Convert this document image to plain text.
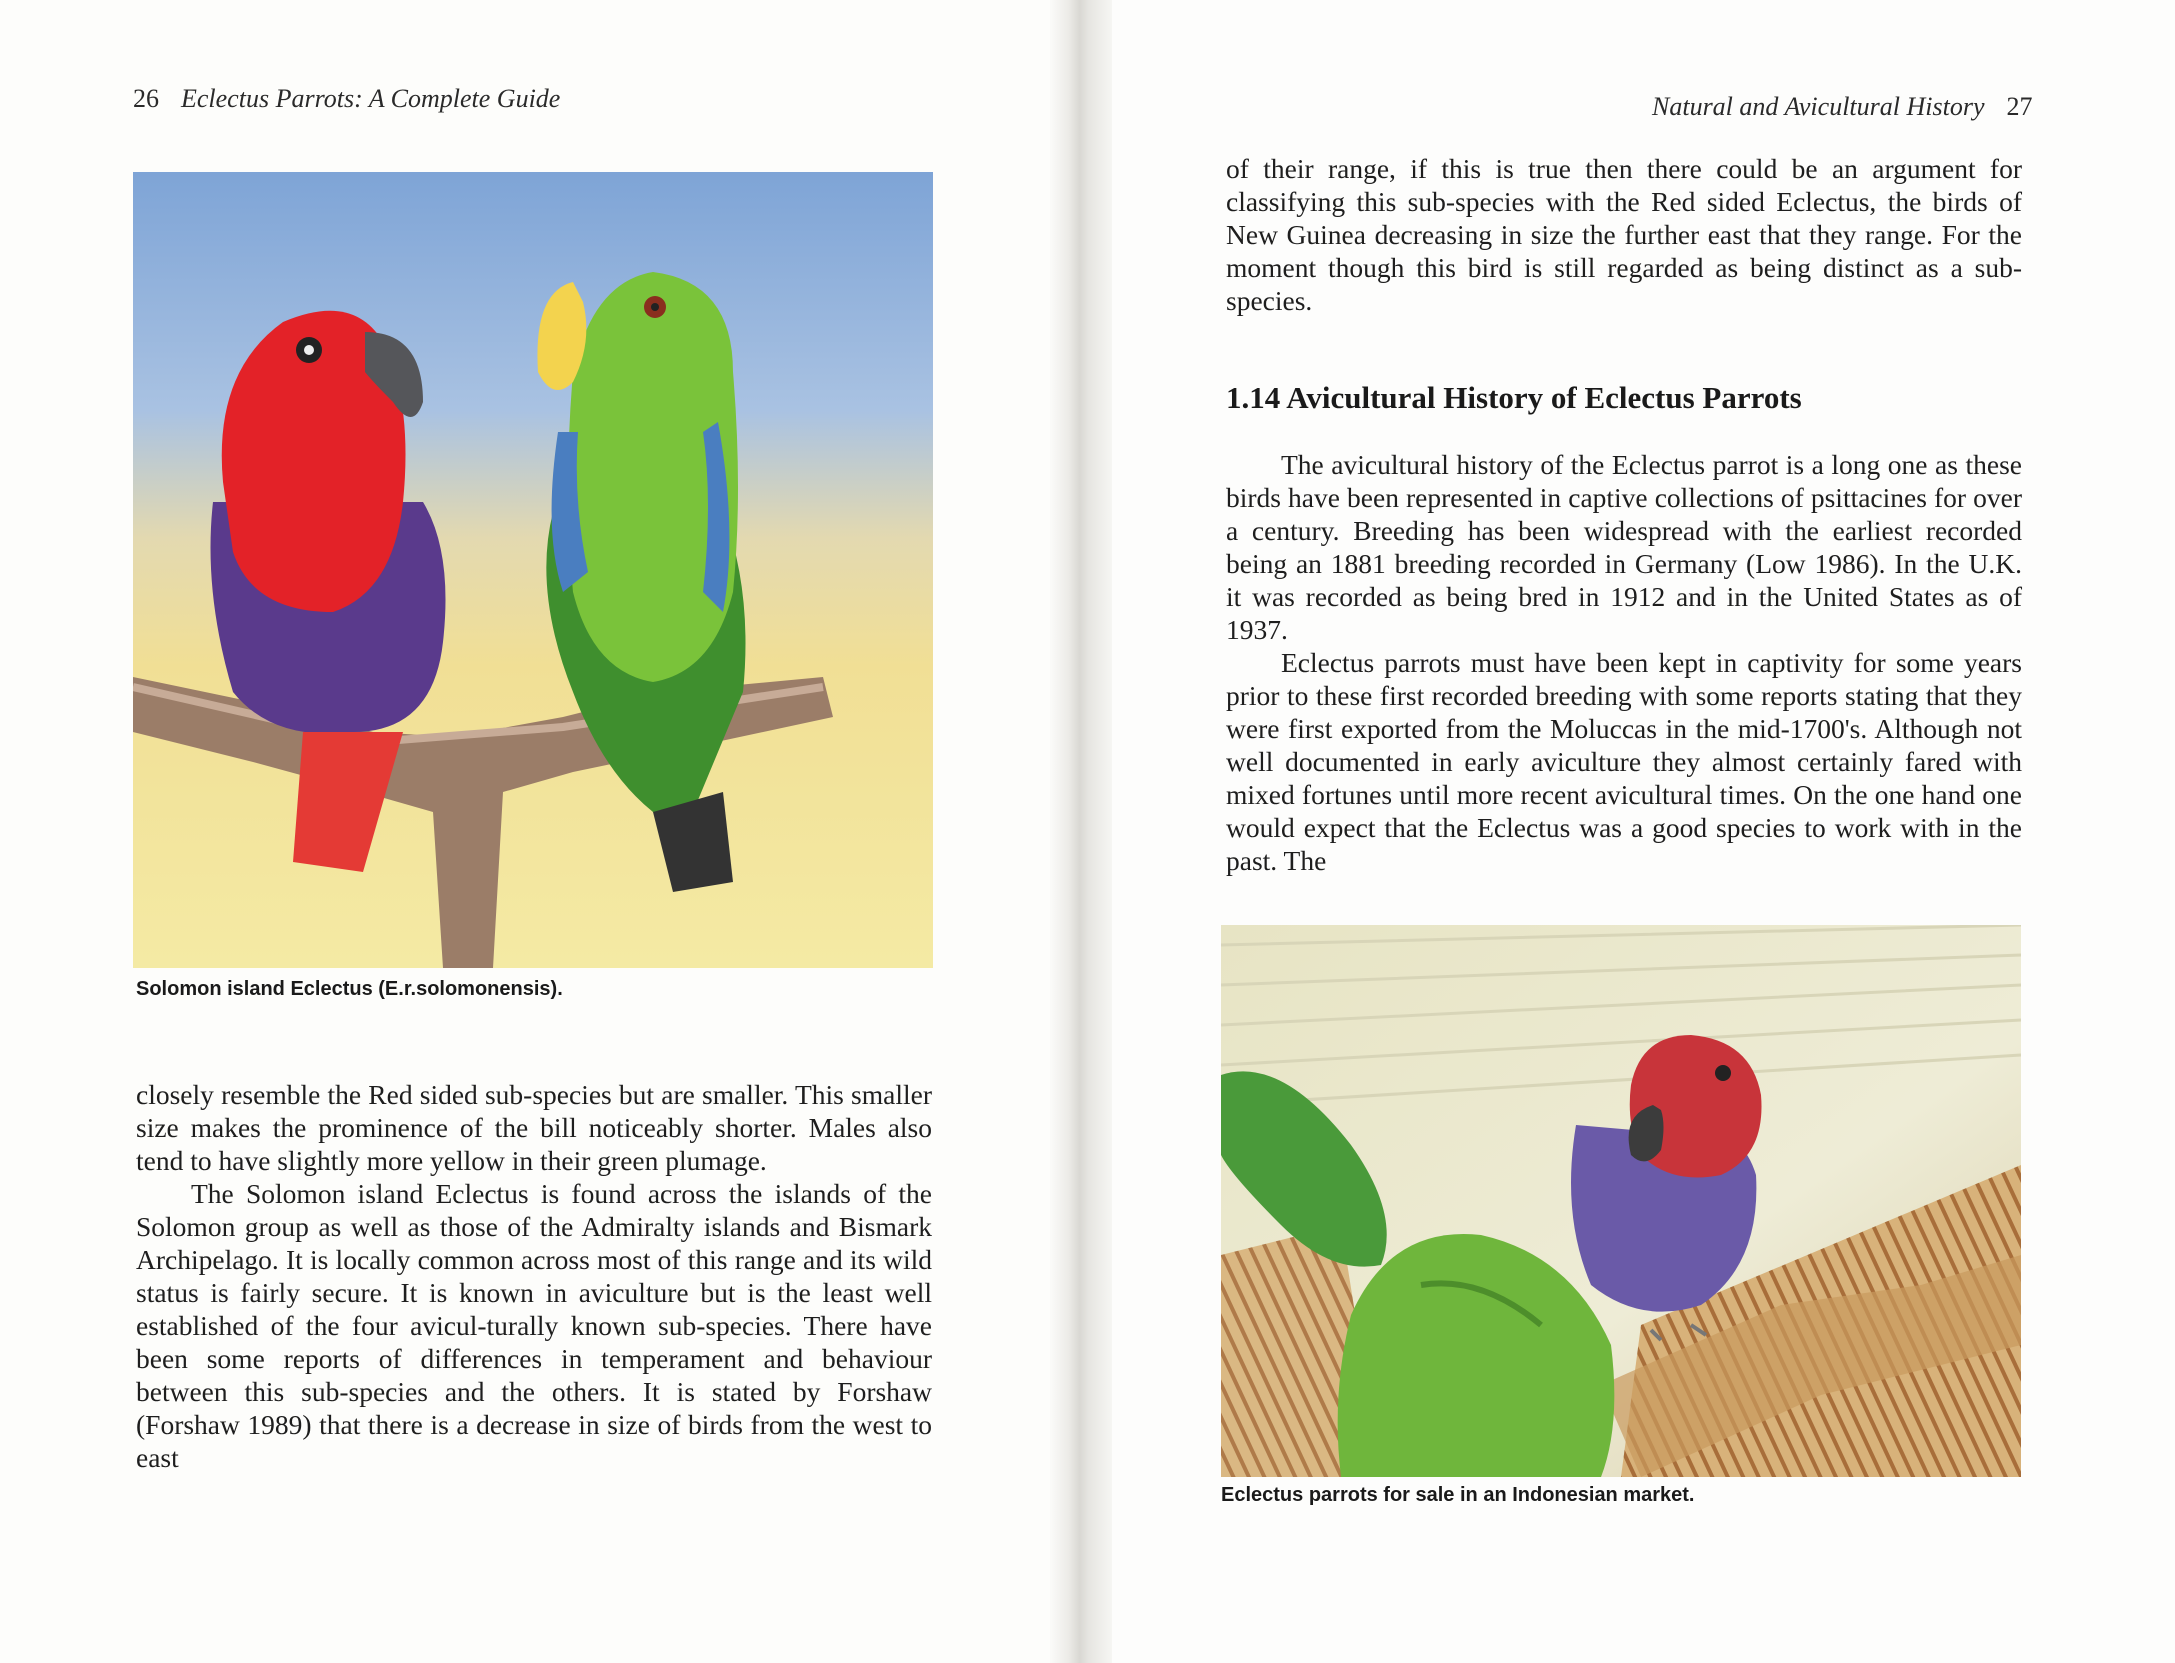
26 Eclectus Parrots: A Complete Guide
Solomon island Eclectus (E.r.solomonensis).

closely resemble the Red sided sub-species but are smaller. This smaller size makes the prominence of the bill noticeably shorter. Males also tend to have slightly more yellow in their green plumage.

The Solomon island Eclectus is found across the islands of the Solomon group as well as those of the Admiralty islands and Bismark Archipelago. It is locally common across most of this range and its wild status is fairly secure. It is known in aviculture but is the least well established of the four avicul-turally known sub-species. There have been some reports of differences in temperament and behaviour between this sub-species and the others. It is stated by Forshaw (Forshaw 1989) that there is a decrease in size of birds from the west to east

Natural and Avicultural History 27

of their range, if this is true then there could be an argument for classifying this sub-species with the Red sided Eclectus, the birds of New Guinea decreasing in size the further east that they range. For the moment though this bird is still regarded as being distinct as a sub-species.

1.14 Avicultural History of Eclectus Parrots

The avicultural history of the Eclectus parrot is a long one as these birds have been represented in captive collections of psittacines for over a century. Breeding has been widespread with the earliest recorded being an 1881 breeding recorded in Germany (Low 1986). In the U.K. it was recorded as being bred in 1912 and in the United States as of 1937.

Eclectus parrots must have been kept in captivity for some years prior to these first recorded breeding with some reports stating that they were first exported from the Moluccas in the mid-1700's. Although not well documented in early aviculture they almost certainly fared with mixed fortunes until more recent avicultural times. On the one hand one would expect that the Eclectus was a good species to work with in the past. The

Eclectus parrots for sale in an Indonesian market.
